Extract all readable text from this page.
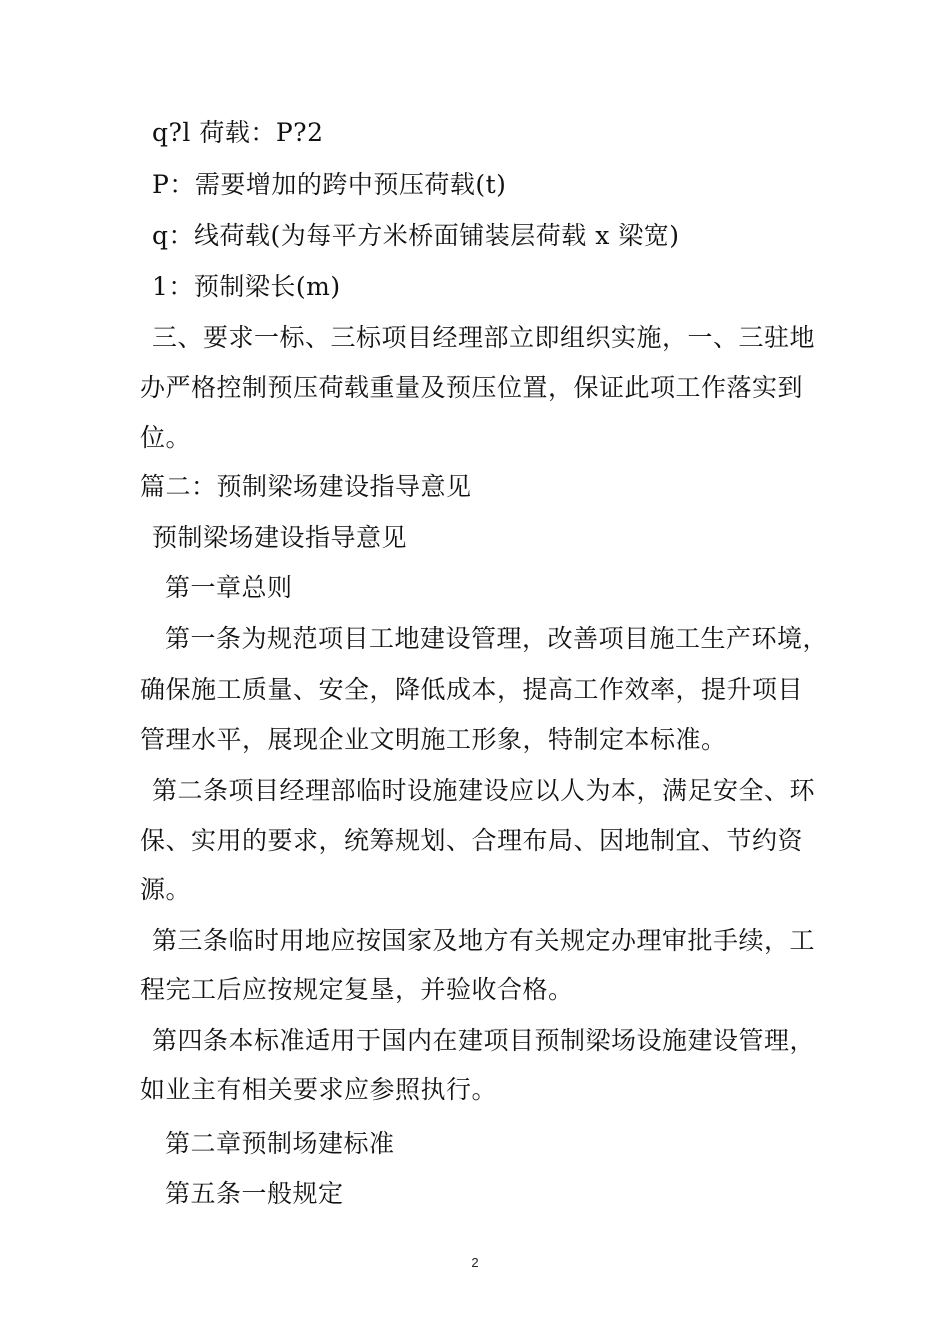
q?l 荷载：P?2
P：需要增加的跨中预压荷载(t)
q：线荷载(为每平方米桥面铺装层荷载 x 梁宽)
1：预制梁长(m)
三、要求一标、三标项目经理部立即组织实施，一、三驻地
办严格控制预压荷载重量及预压位置，保证此项工作落实到
位。
篇二：预制梁场建设指导意见
预制梁场建设指导意见
第一章总则
第一条为规范项目工地建设管理，改善项目施工生产环境，
确保施工质量、安全，降低成本，提高工作效率，提升项目
管理水平，展现企业文明施工形象，特制定本标准。
第二条项目经理部临时设施建设应以人为本，满足安全、环
保、实用的要求，统筹规划、合理布局、因地制宜、节约资
源。
第三条临时用地应按国家及地方有关规定办理审批手续，工
程完工后应按规定复垦，并验收合格。
第四条本标准适用于国内在建项目预制梁场设施建设管理，
如业主有相关要求应参照执行。
第二章预制场建标准
第五条一般规定
2
